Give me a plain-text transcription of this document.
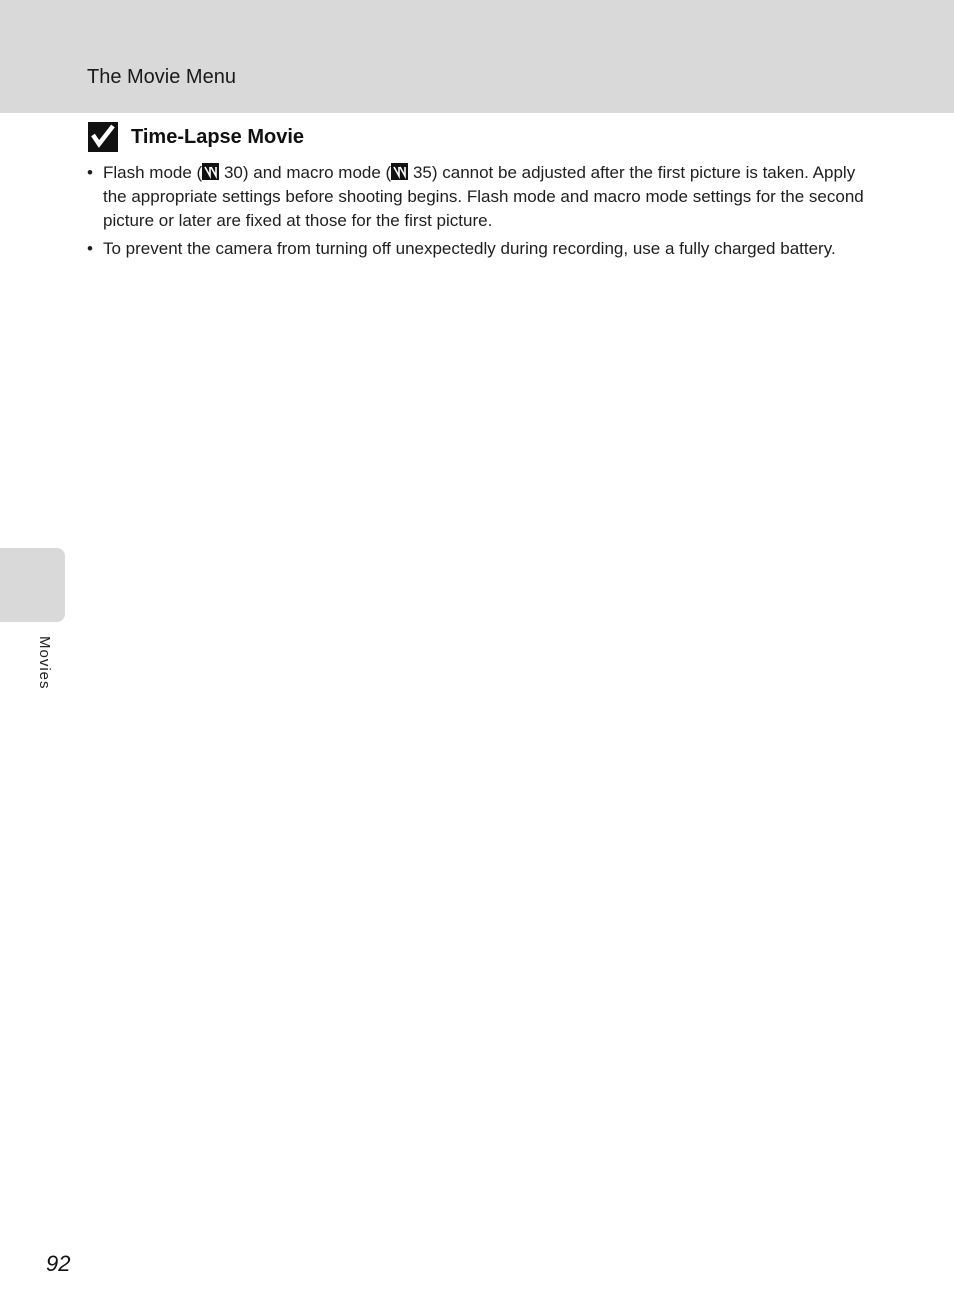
The Movie Menu
Time-Lapse Movie
• Flash mode ( 30) and macro mode ( 35) cannot be adjusted after the first picture is taken. Apply the appropriate settings before shooting begins. Flash mode and macro mode settings for the second picture or later are fixed at those for the first picture.
• To prevent the camera from turning off unexpectedly during recording, use a fully charged battery.
Movies
92
